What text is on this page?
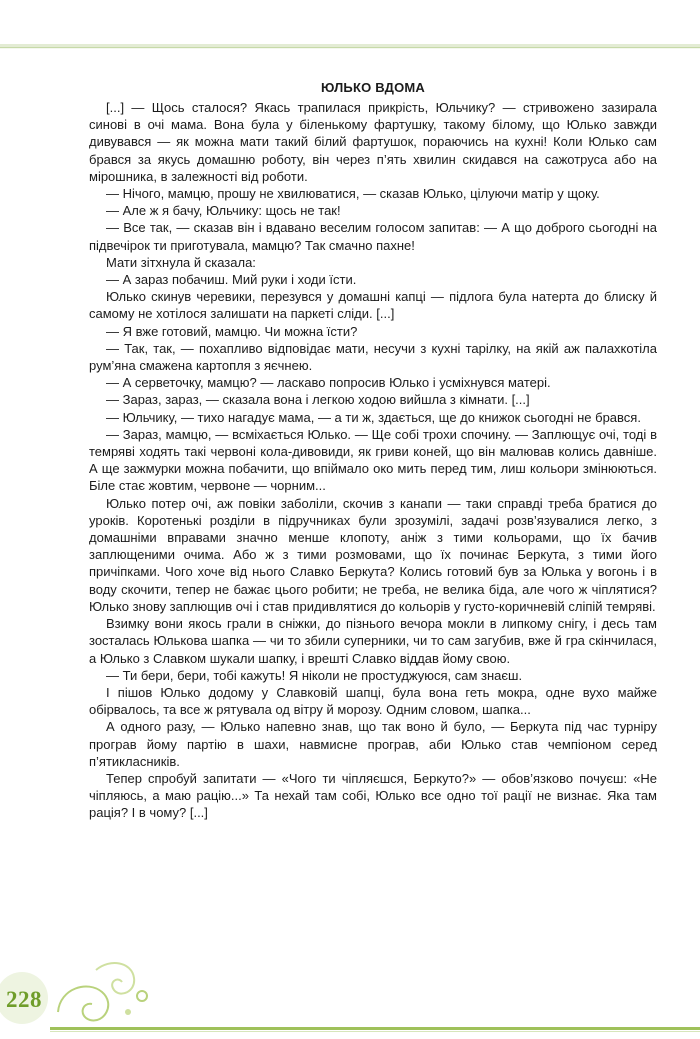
ЮЛЬКО ВДОМА

[...] — Щось сталося? Якась трапилася прикрість, Юльчику? — стривожено зазирала синові в очі мама. Вона була у біленькому фартушку, такому білому, що Юлько завжди дивувався — як можна мати такий білий фартушок, пораючись на кухні! Коли Юлько сам брався за якусь домашню роботу, він через п’ять хвилин скидався на сажотруса або на мірошника, в залежності від роботи.

— Нічого, мамцю, прошу не хвилюватися, — сказав Юлько, цілуючи матір у щоку.

— Але ж я бачу, Юльчику: щось не так!

— Все так, — сказав він і вдавано веселим голосом запитав: — А що доброго сьогодні на підвечірок ти приготувала, мамцю? Так смачно пахне!

Мати зітхнула й сказала:

— А зараз побачиш. Мий руки і ходи їсти.

Юлько скинув черевики, перезувся у домашні капці — підлога була натерта до блиску й самому не хотілося залишати на паркеті сліди. [...]

— Я вже готовий, мамцю. Чи можна їсти?

— Так, так, — похапливо відповідає мати, несучи з кухні тарілку, на якій аж палахкотіла рум’яна смажена картопля з яєчнею.

— А серветочку, мамцю? — ласкаво попросив Юлько і усміхнувся матері.

— Зараз, зараз, — сказала вона і легкою ходою вийшла з кімнати. [...]

— Юльчику, — тихо нагадує мама, — а ти ж, здається, ще до книжок сьогодні не брався.

— Зараз, мамцю, — всміхається Юлько. — Ще собі трохи спочину. — Заплющує очі, тоді в темряві ходять такі червоні кола-дивовиди, як гриви коней, що він малював колись давніше. А ще зажмурки можна побачити, що впіймало око мить перед тим, лиш кольори змінюються. Біле стає жовтим, червоне — чорним...

Юлько потер очі, аж повіки заболіли, скочив з канапи — таки справді треба братися до уроків. Коротенькі розділи в підручниках були зрозумілі, задачі розв’язувалися легко, з домашніми вправами значно менше клопоту, аніж з тими кольорами, що їх бачив заплющеними очима. Або ж з тими розмовами, що їх починає Беркута, з тими його причіпками. Чого хоче від нього Славко Беркута? Колись готовий був за Юлька у вогонь і в воду скочити, тепер не бажає цього робити; не треба, не велика біда, але чого ж чіплятися? Юлько знову заплющив очі і став придивлятися до кольорів у густо-коричневій сліпій темряві.

Взимку вони якось грали в сніжки, до пізнього вечора мокли в липкому снігу, і десь там зосталась Юлькова шапка — чи то збили суперники, чи то сам загубив, вже й гра скінчилася, а Юлько з Славком шукали шапку, і врешті Славко віддав йому свою.

— Ти бери, бери, тобі кажуть! Я ніколи не простуджуюся, сам знаєш.

І пішов Юлько додому у Славковій шапці, була вона геть мокра, одне вухо майже обірвалось, та все ж рятувала од вітру й морозу. Одним словом, шапка...

А одного разу, — Юлько напевно знав, що так воно й було, — Беркута під час турніру програв йому партію в шахи, навмисне програв, аби Юлько став чемпіоном серед п’ятикласників.

Тепер спробуй запитати — «Чого ти чіпляєшся, Беркуто?» — обов’язково почуєш: «Не чіпляюсь, а маю рацію...» Та нехай там собі, Юлько все одно тої рації не визнає. Яка там рація? І в чому? [...]

228
